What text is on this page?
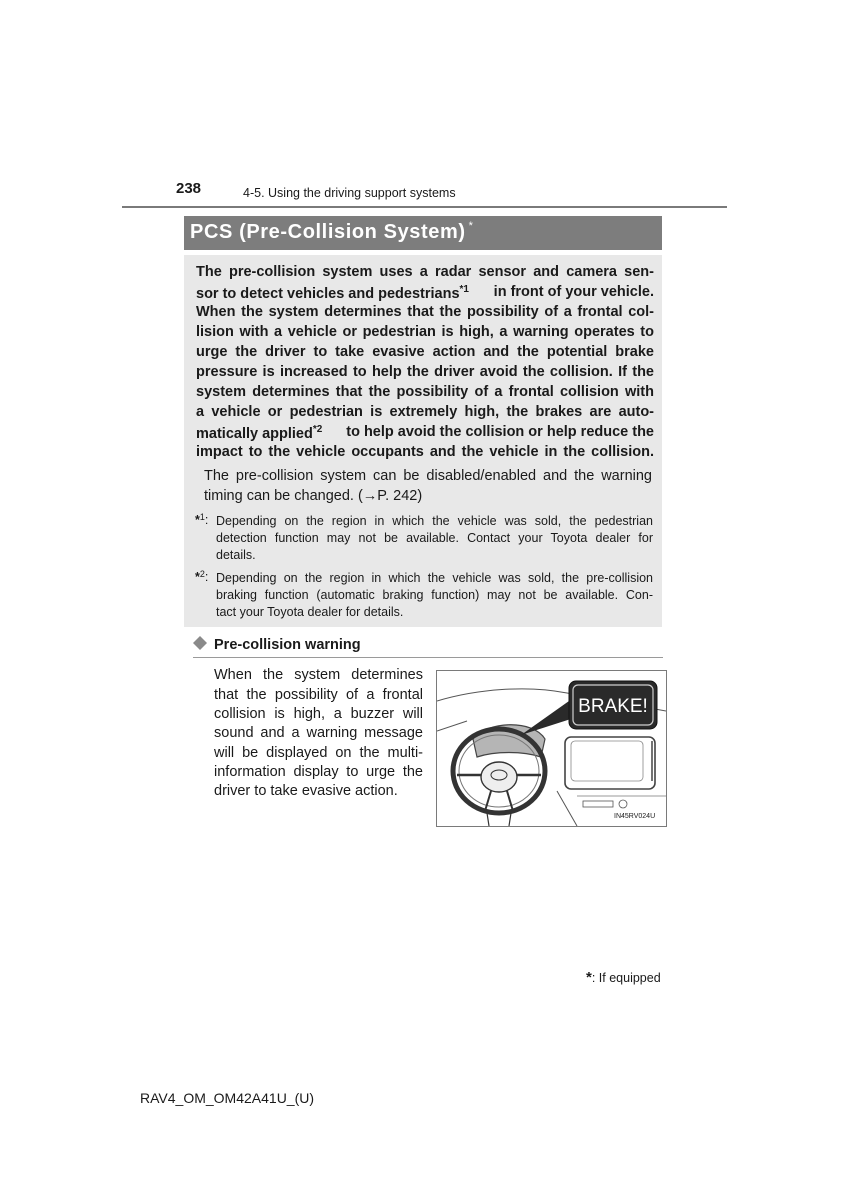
238	4-5. Using the driving support systems
PCS (Pre-Collision System) *
The pre-collision system uses a radar sensor and camera sen-
sor to detect vehicles and pedestrians$^{*1}$ in front of your vehicle.
When the system determines that the possibility of a frontal col-
lision with a vehicle or pedestrian is high, a warning operates to
urge the driver to take evasive action and the potential brake
pressure is increased to help the driver avoid the collision. If the
system determines that the possibility of a frontal collision with
a vehicle or pedestrian is extremely high, the brakes are auto-
matically applied$^{*2}$ to help avoid the collision or help reduce the
impact to the vehicle occupants and the vehicle in the collision.
The pre-collision system can be disabled/enabled and the warning
timing can be changed. (→P. 242)
*$^1$: Depending on the region in which the vehicle was sold, the pedestrian
detection function may not be available. Contact your Toyota dealer for
details.
*$^2$: Depending on the region in which the vehicle was sold, the pre-collision
braking function (automatic braking function) may not be available. Con-
tact your Toyota dealer for details.
Pre-collision warning
When the system determines
that the possibility of a frontal
collision is high, a buzzer will
sound and a warning message
will be displayed on the multi-
information display to urge the
driver to take evasive action.
BRAKE!
IN45RV024U
*: If equipped
RAV4_OM_OM42A41U_(U)
